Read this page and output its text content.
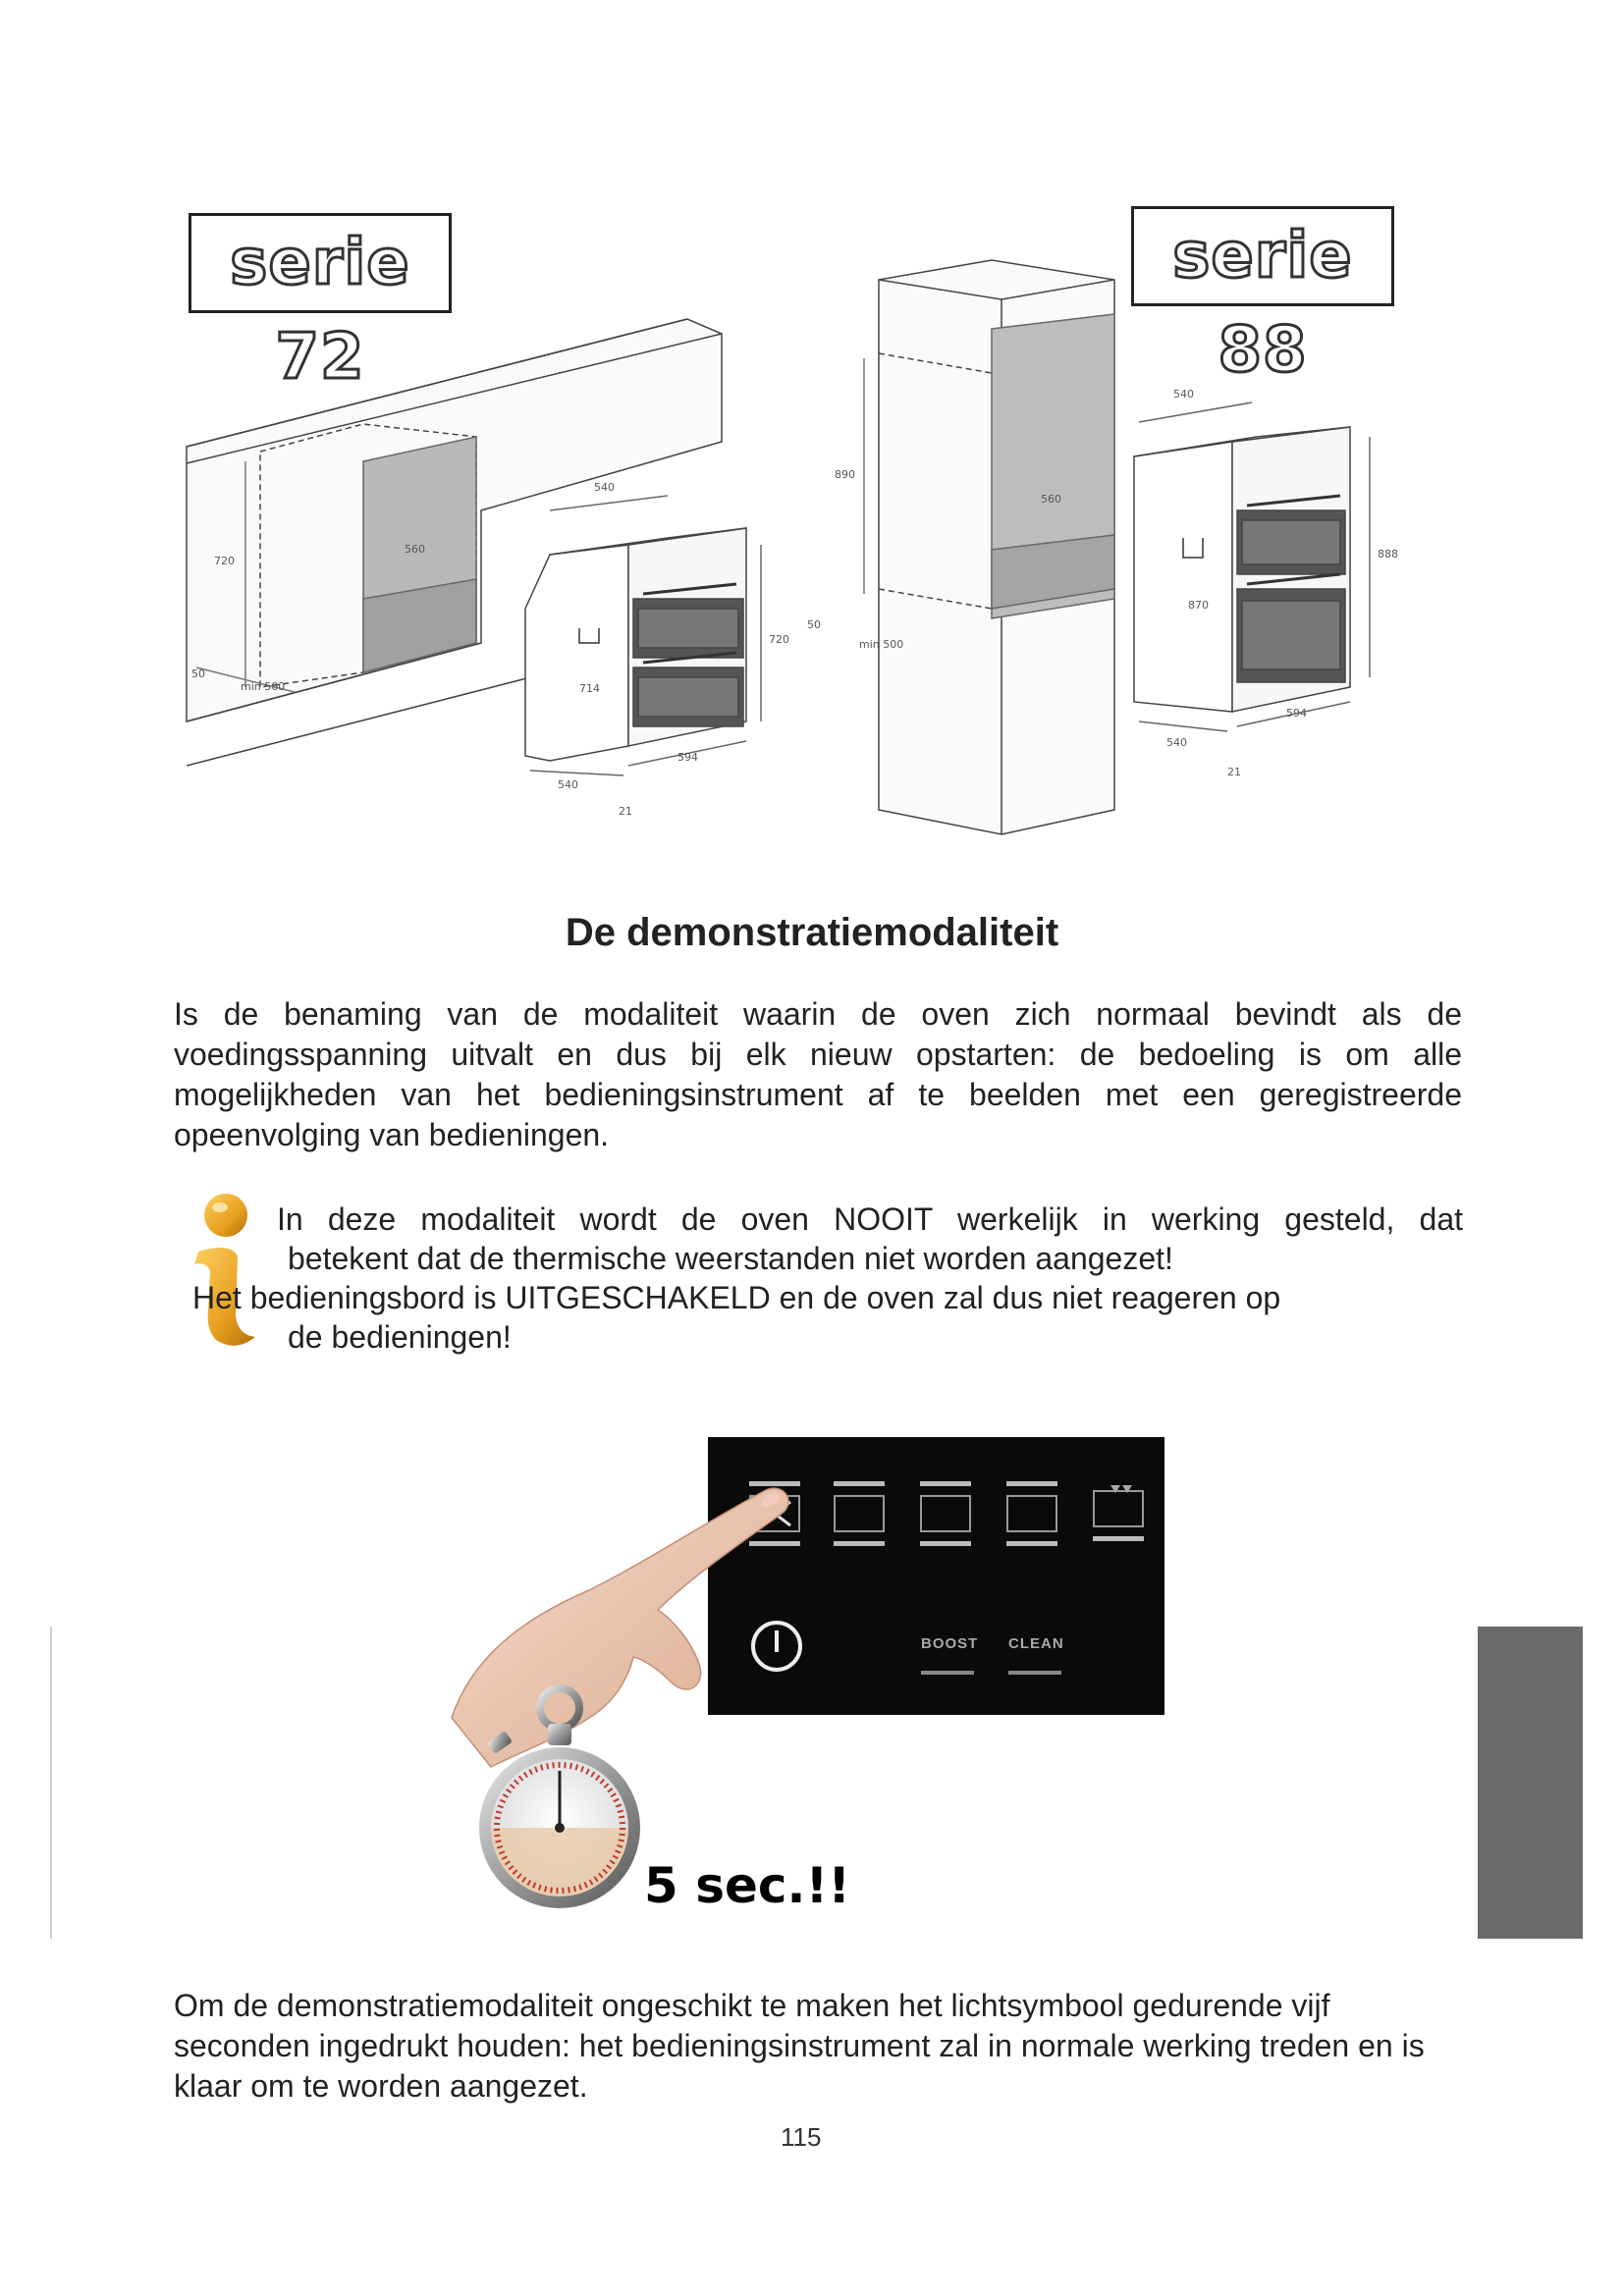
720
560
50
min 500
540
720
714
594
540
21
890
560
50
min 500
540
888
870
594
540
21
serie 72
serie 88
De demonstratiemodaliteit

Is de benaming van de modaliteit waarin de oven zich normaal bevindt als de voedingsspanning uitvalt en dus bij elk nieuw opstarten: de bedoeling is om alle mogelijkheden van het bedieningsinstrument af te beelden met een geregistreerde opeenvolging van bedieningen.

In deze modaliteit wordt de oven NOOIT werkelijk in werking gesteld, dat
betekent dat de thermische weerstanden niet worden aangezet!
Het bedieningsbord is UITGESCHAKELD en de oven zal dus niet reageren op
de bedieningen!
BOOST CLEAN
5 sec.!!

Om de demonstratiemodaliteit ongeschikt te maken het lichtsymbool gedurende vijf seconden ingedrukt houden: het bedieningsinstrument zal in normale werking treden en is klaar om te worden aangezet.

115
